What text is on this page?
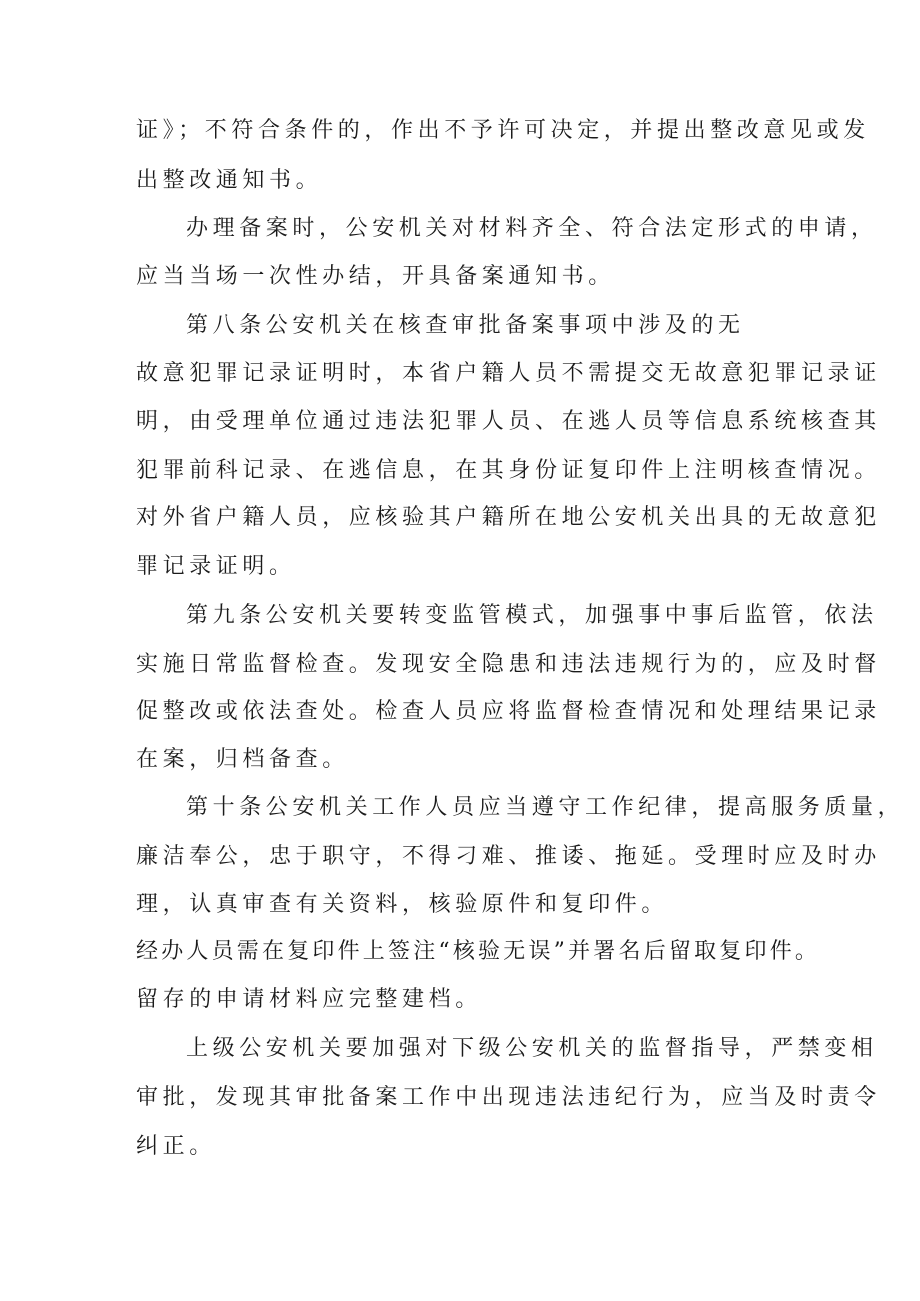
证》；不符合条件的，作出不予许可决定，并提出整改意见或发
出整改通知书。
办理备案时，公安机关对材料齐全、符合法定形式的申请，
应当当场一次性办结，开具备案通知书。
第八条公安机关在核查审批备案事项中涉及的无
故意犯罪记录证明时，本省户籍人员不需提交无故意犯罪记录证
明，由受理单位通过违法犯罪人员、在逃人员等信息系统核查其
犯罪前科记录、在逃信息，在其身份证复印件上注明核查情况。
对外省户籍人员，应核验其户籍所在地公安机关出具的无故意犯
罪记录证明。
第九条公安机关要转变监管模式，加强事中事后监管，依法
实施日常监督检查。发现安全隐患和违法违规行为的，应及时督
促整改或依法查处。检查人员应将监督检查情况和处理结果记录
在案，归档备查。
第十条公安机关工作人员应当遵守工作纪律，提高服务质量，
廉洁奉公，忠于职守，不得刁难、推诿、拖延。受理时应及时办
理，认真审查有关资料，核验原件和复印件。
经办人员需在复印件上签注“核验无误”并署名后留取复印件。
留存的申请材料应完整建档。
上级公安机关要加强对下级公安机关的监督指导，严禁变相
审批，发现其审批备案工作中出现违法违纪行为，应当及时责令
纠正。
